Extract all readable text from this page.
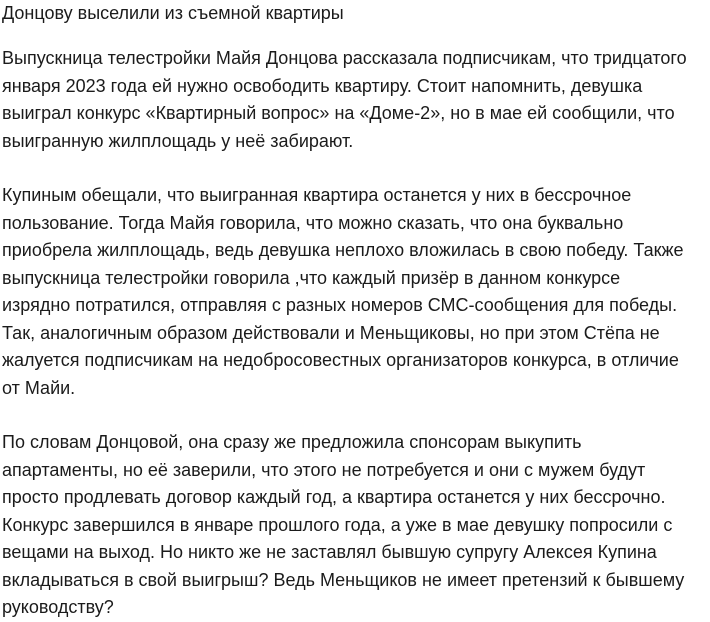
Донцову выселили из съемной квартиры

Выпускница телестройки Майя Донцова рассказала подписчикам, что тридцатого
января 2023 года ей нужно освободить квартиру. Стоит напомнить, девушка
выиграл конкурс «Квартирный вопрос» на «Доме-2», но в мае ей сообщили, что
выигранную жилплощадь у неё забирают.

Купиным обещали, что выигранная квартира останется у них в бессрочное
пользование. Тогда Майя говорила, что можно сказать, что она буквально
приобрела жилплощадь, ведь девушка неплохо вложилась в свою победу. Также
выпускница телестройки говорила ,что каждый призёр в данном конкурсе
изрядно потратился, отправляя с разных номеров СМС-сообщения для победы.
Так, аналогичным образом действовали и Меньщиковы, но при этом Стёпа не
жалуется подписчикам на недобросовестных организаторов конкурса, в отличие
от Майи.

По словам Донцовой, она сразу же предложила спонсорам выкупить
апартаменты, но её заверили, что этого не потребуется и они с мужем будут
просто продлевать договор каждый год, а квартира останется у них бессрочно.
Конкурс завершился в январе прошлого года, а уже в мае девушку попросили с
вещами на выход. Но никто же не заставлял бывшую супругу Алексея Купина
вкладываться в свой выигрыш? Ведь Меньщиков не имеет претензий к бывшему
руководству?
